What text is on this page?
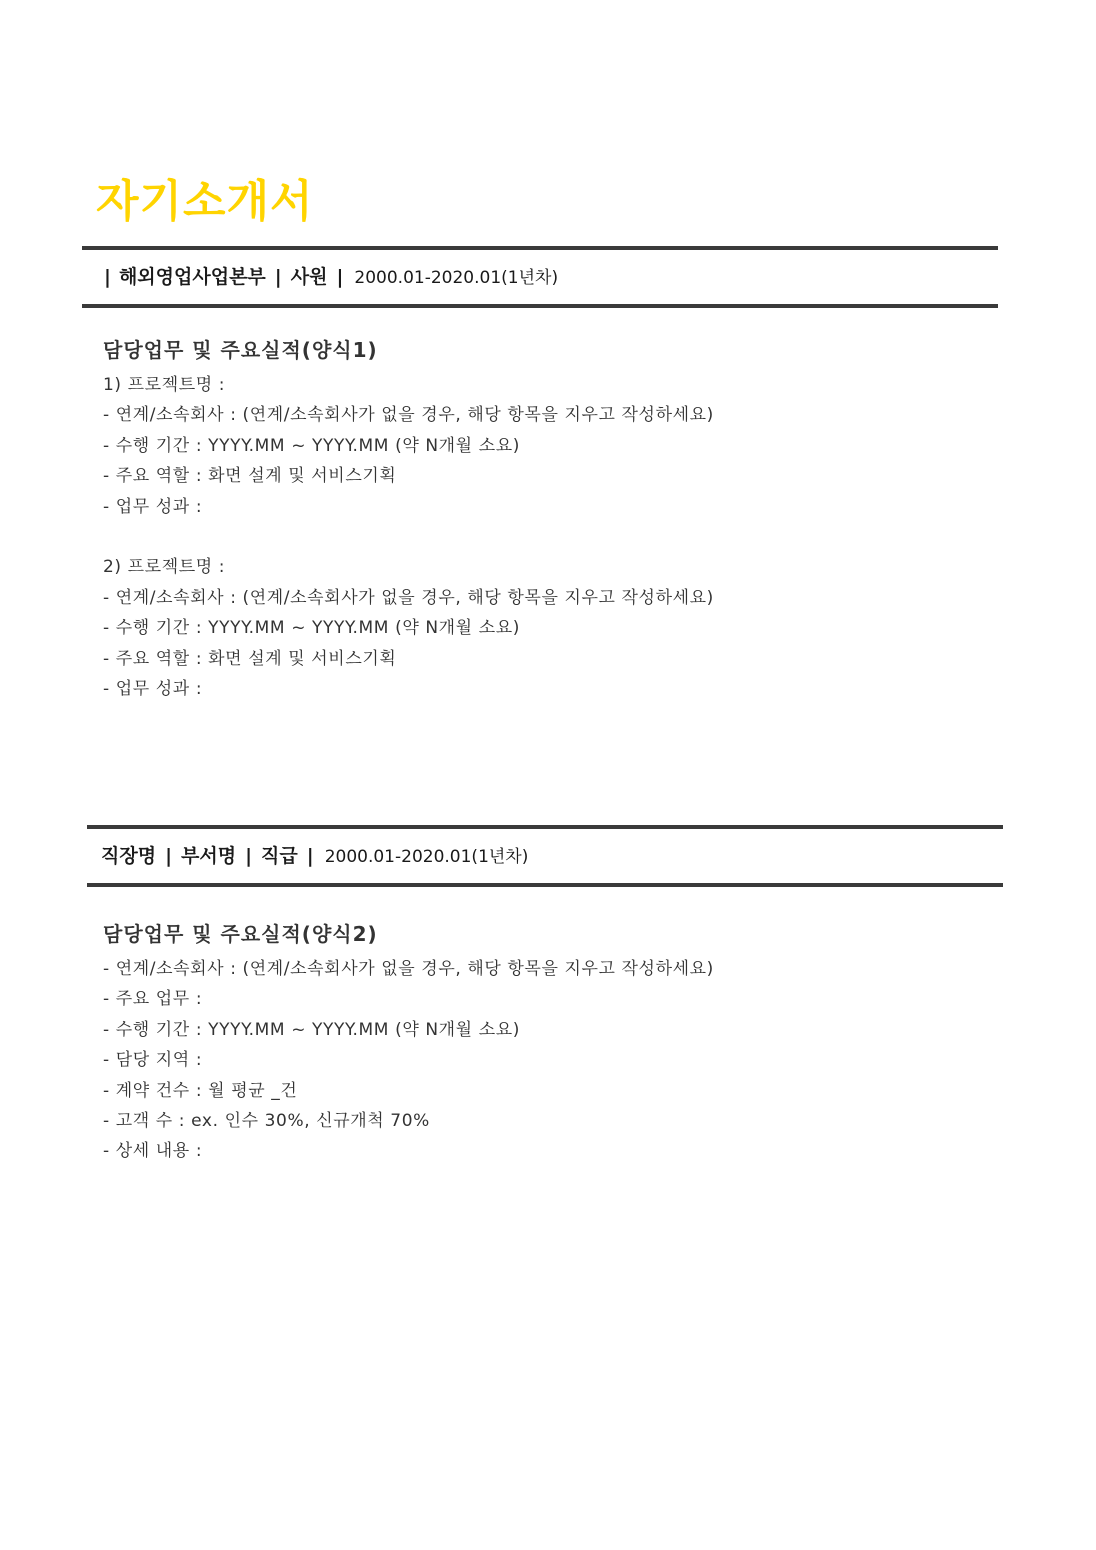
자기소개서
| 해외영업사업본부 | 사원 | 2000.01-2020.01(1년차)
담당업무 및 주요실적(양식1)
1) 프로젝트명 :
- 연계/소속회사 : (연계/소속회사가 없을 경우, 해당 항목을 지우고 작성하세요)
- 수행 기간 : YYYY.MM ~ YYYY.MM (약 N개월 소요)
- 주요 역할 : 화면 설계 및 서비스기획
- 업무 성과 :
2) 프로젝트명 :
- 연계/소속회사 : (연계/소속회사가 없을 경우, 해당 항목을 지우고 작성하세요)
- 수행 기간 : YYYY.MM ~ YYYY.MM (약 N개월 소요)
- 주요 역할 : 화면 설계 및 서비스기획
- 업무 성과 :
직장명 | 부서명 | 직급 | 2000.01-2020.01(1년차)
담당업무 및 주요실적(양식2)
- 연계/소속회사 : (연계/소속회사가 없을 경우, 해당 항목을 지우고 작성하세요)
- 주요 업무 :
- 수행 기간 : YYYY.MM ~ YYYY.MM (약 N개월 소요)
- 담당 지역 :
- 계약 건수 : 월 평균 _건
- 고객 수 : ex. 인수 30%, 신규개척 70%
- 상세 내용 :
